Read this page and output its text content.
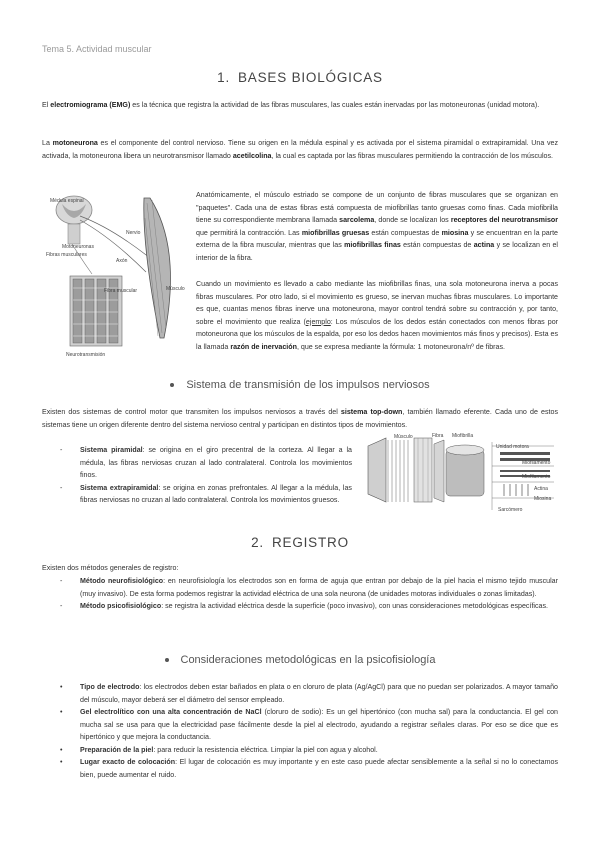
Tema 5. Actividad muscular
1. BASES BIOLÓGICAS

El electromiograma (EMG) es la técnica que registra la actividad de las fibras musculares, las cuales están inervadas por las motoneuronas (unidad motora).

La motoneurona es el componente del control nervioso. Tiene su origen en la médula espinal y es activada por el sistema piramidal o extrapiramidal. Una vez activada, la motoneurona libera un neurotransmisor llamado acetilcolina, la cual es captada por las fibras musculares permitiendo la contracción de los músculos.

Médula espinal
Motoneuronas
Nervio
Fibras musculares
Músculo
Axón
Fibra muscular
Neurotransmisión

Anatómicamente, el músculo estriado se compone de un conjunto de fibras musculares que se organizan en "paquetes". Cada una de estas fibras está compuesta de miofibrillas tanto gruesas como finas. Cada miofibrilla tiene su correspondiente membrana llamada sarcolema, donde se localizan los receptores del neurotransmisor que permitirá la contracción. Las miofibrillas gruesas están compuestas de miosina y se encuentran en la parte externa de la fibra muscular, mientras que las miofibrillas finas están compuestas de actina y se localizan en el interior de la fibra.

Cuando un movimiento es llevado a cabo mediante las miofibrillas finas, una sola motoneurona inerva a pocas fibras musculares. Por otro lado, si el movimiento es grueso, se inervan muchas fibras musculares. Lo importante es que, cuantas menos fibras inerve una motoneurona, mayor control tendrá sobre su contracción y, por tanto, sobre el movimiento que realiza (ejemplo: Los músculos de los dedos están conectados con menos fibras por motoneurona que los músculos de la espalda, por eso los dedos hacen movimientos más finos y precisos). Esta es la llamada razón de inervación, que se expresa mediante la fórmula: 1 motoneurona/nº de fibras.

Sistema de transmisión de los impulsos nerviosos

Existen dos sistemas de control motor que transmiten los impulsos nerviosos a través del sistema top-down, también llamado eferente. Cada uno de estos sistemas tiene un origen diferente dentro del sistema nervioso central y participan en distintos tipos de movimientos.

- Sistema piramidal: se origina en el giro precentral de la corteza. Al llegar a la médula, las fibras nerviosas cruzan al lado contralateral. Controla los movimientos finos.
- Sistema extrapiramidal: se origina en zonas prefrontales. Al llegar a la médula, las fibras nerviosas no cruzan al lado contralateral. Controla los movimientos gruesos.
Músculo	Fibra Miofibrilla
Unidad motora
Miofilamento
Miofilamento
Actina
Miosina
Sarcómero
2. REGISTRO

Existen dos métodos generales de registro:

- Método neurofisiológico: en neurofisiología los electrodos son en forma de aguja que entran por debajo de la piel hacia el mismo tejido muscular (muy invasivo). De esta forma podemos registrar la actividad eléctrica de una sola neurona (de unidades motoras individuales o zonas limitadas).
- Método psicofisiológico: se registra la actividad eléctrica desde la superficie (poco invasivo), con unas consideraciones metodológicas específicas.
Consideraciones metodológicas en la psicofisiología
• Tipo de electrodo: los electrodos deben estar bañados en plata o en cloruro de plata (Ag/AgCl) para que no puedan ser polarizados. A mayor tamaño del músculo, mayor deberá ser el diámetro del sensor empleado.
• Gel electrolítico con una alta concentración de NaCl (cloruro de sodio): Es un gel hipertónico (con mucha sal) para la conductancia. El gel con mucha sal se usa para que la electricidad pase fácilmente desde la piel al electrodo, ayudando a registrar señales claras. Por eso se dice que es hipertónico y que mejora la conductancia.
• Preparación de la piel: para reducir la resistencia eléctrica. Limpiar la piel con agua y alcohol.
• Lugar exacto de colocación: El lugar de colocación es muy importante y en este caso puede afectar sensiblemente a la señal si no lo conectamos bien, puede aumentar el ruido.
